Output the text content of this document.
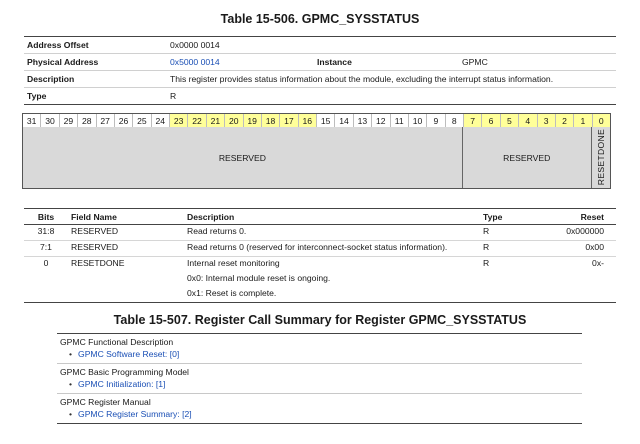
Table 15-506. GPMC_SYSSTATUS
Address Offset	0x0000 0014
Physical Address	0x5000 0014	Instance	GPMC
Description	This register provides status information about the module, excluding the interrupt status information.
Type	R
31	30	29	28	27	26	25	24	23	22	21	20	19	18	17	16	15	14	13	12	11	10	9	8	7	6	5	4	3	2	1	0
RESERVED	RESERVED	RESETDONE
Bits	Field Name	Description	Type	Reset
31:8	RESERVED	Read returns 0.	R	0x000000
7:1	RESERVED	Read returns 0 (reserved for interconnect-socket status information).	R	0x00
0	RESETDONE	Internal reset monitoring	R	0x-
		0x0: Internal module reset is ongoing.		
		0x1: Reset is complete.		
Table 15-507. Register Call Summary for Register GPMC_SYSSTATUS
GPMC Functional Description
• GPMC Software Reset: [0]
GPMC Basic Programming Model
• GPMC Initialization: [1]
GPMC Register Manual
• GPMC Register Summary: [2]
